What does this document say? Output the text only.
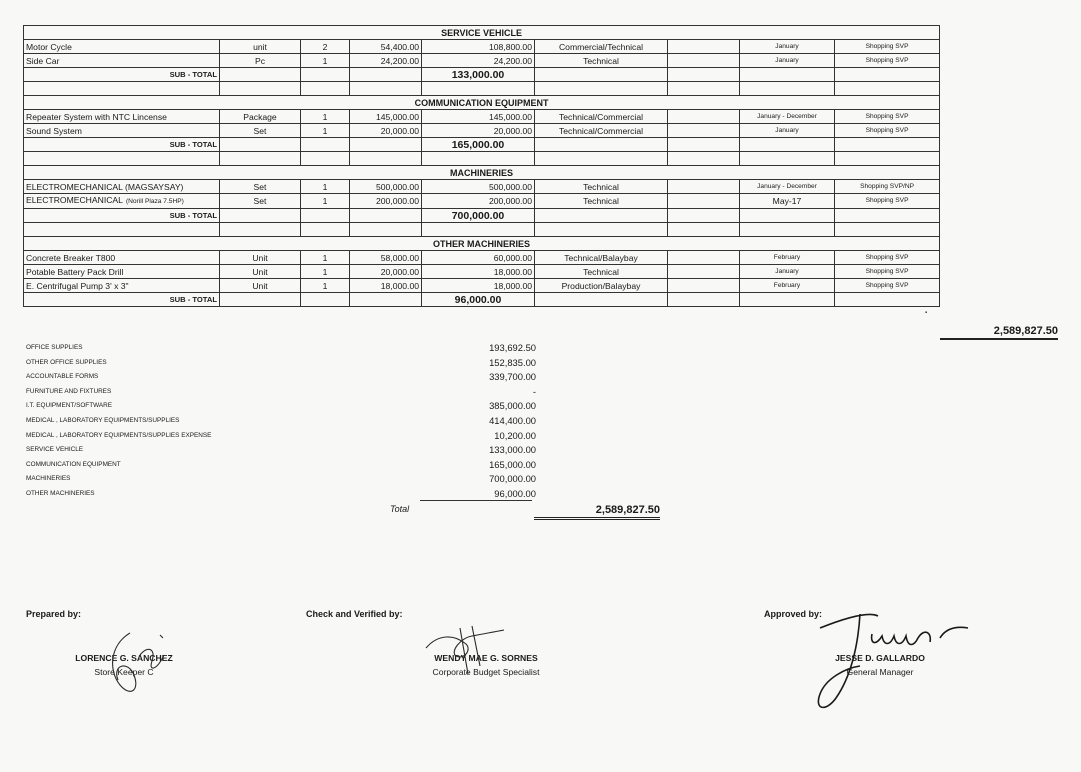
SERVICE VEHICLE								
Motor Cycle	unit	2	54,400.00	108,800.00	Commercial/Technical		January	Shopping SVP
Side Car	Pc	1	24,200.00	24,200.00	Technical		January	Shopping SVP
SUB - TOTAL				133,000.00				

COMMUNICATION EQUIPMENT								
Repeater System with NTC Lincense	Package	1	145,000.00	145,000.00	Technical/Commercial		January - December	Shopping SVP
Sound System	Set	1	20,000.00	20,000.00	Technical/Commercial		January	Shopping SVP
SUB - TOTAL				165,000.00				

MACHINERIES								
ELECTROMECHANICAL (MAGSAYSAY)	Set	1	500,000.00	500,000.00	Technical		January - December	Shopping SVP/NP
ELECTROMECHANICAL (Norill Plaza 7.5HP)	Set	1	200,000.00	200,000.00	Technical		May-17	Shopping SVP
SUB - TOTAL				700,000.00				

OTHER MACHINERIES								
Concrete Breaker T800	Unit	1	58,000.00	60,000.00	Technical/Balaybay		February	Shopping SVP
Potable Battery Pack Drill	Unit	1	20,000.00	18,000.00	Technical		January	Shopping SVP
E. Centrifugal Pump 3' x 3"	Unit	1	18,000.00	18,000.00	Production/Balaybay		February	Shopping SVP
SUB - TOTAL				96,000.00				
▪
2,589,827.50
OFFICE SUPPLIES	193,692.50
OTHER OFFICE SUPPLIES	152,835.00
ACCOUNTABLE FORMS	339,700.00
FURNITURE AND FIXTURES	-
I.T. EQUIPMENT/SOFTWARE	385,000.00
MEDICAL , LABORATORY EQUIPMENTS/SUPPLIES	414,400.00
MEDICAL , LABORATORY EQUIPMENTS/SUPPLIES EXPENSE	10,200.00
SERVICE VEHICLE	133,000.00
COMMUNICATION EQUIPMENT	165,000.00
MACHINERIES	700,000.00
OTHER MACHINERIES	96,000.00
Total	2,589,827.50
Prepared by:
LORENCE G. SANCHEZ
Store Keeper C
Check and Verified by:
WENDY MAE G. SORNES
Corporate Budget Specialist
Approved by:
JESSE D. GALLARDO
General Manager
